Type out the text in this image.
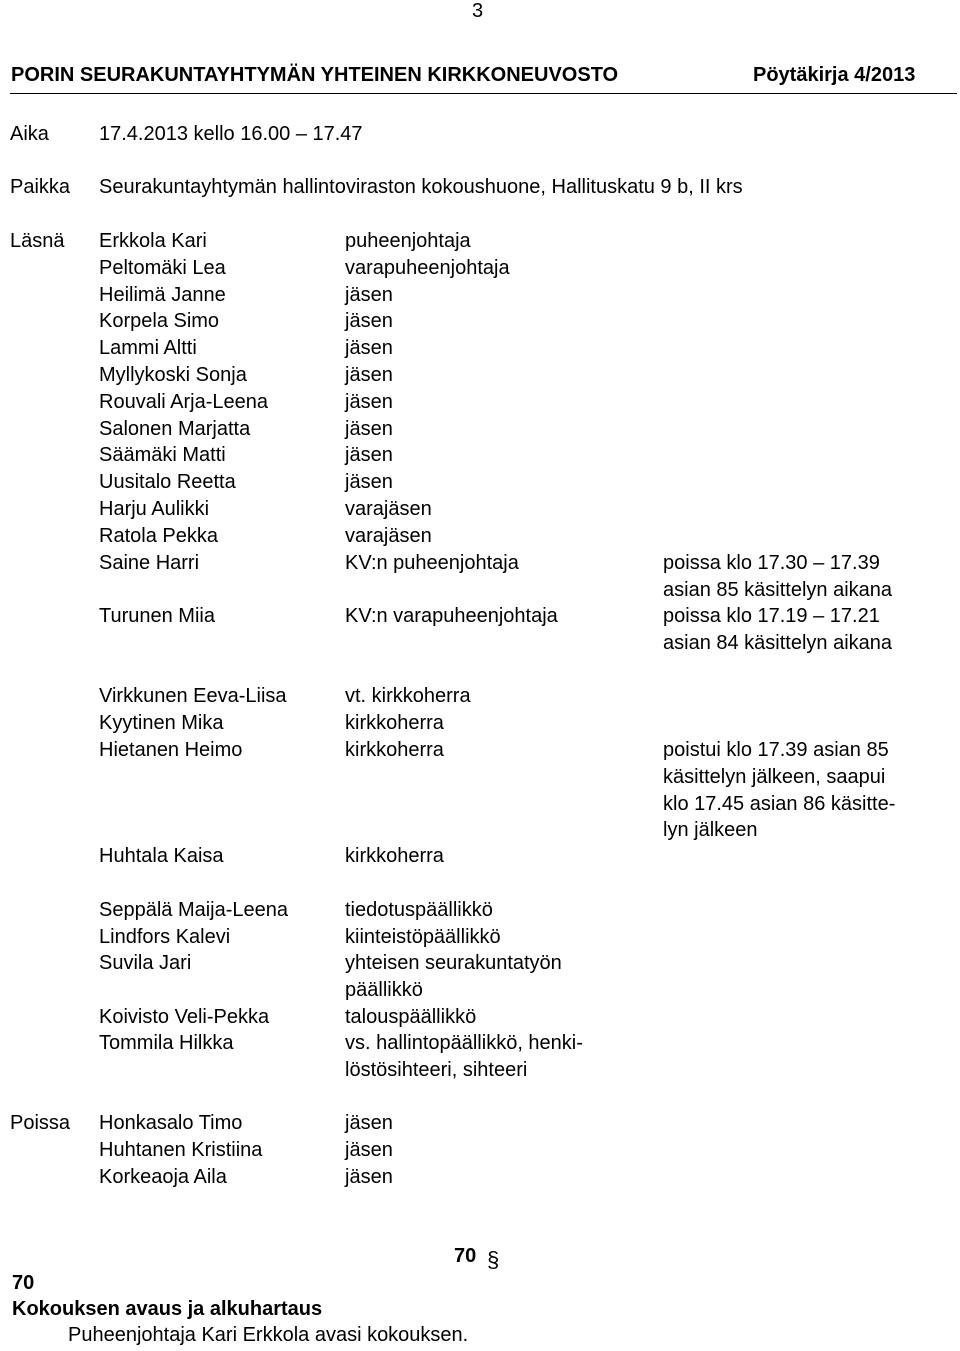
3
PORIN SEURAKUNTAYHTYMÄN YHTEINEN KIRKKONEUVOSTO	Pöytäkirja 4/2013
Aika	17.4.2013 kello 16.00 – 17.47
Paikka Seurakuntayhtymän hallintoviraston kokoushuone, Hallituskatu 9 b, II krs
Läsnä Erkkola Kari	puheenjohtaja
Peltomäki Lea	varapuheenjohtaja
Heilimä Janne	jäsen
Korpela Simo	jäsen
Lammi Altti	jäsen
Myllykoski Sonja	jäsen
Rouvali Arja-Leena	jäsen
Salonen Marjatta	jäsen
Säämäki Matti	jäsen
Uusitalo Reetta	jäsen
Harju Aulikki	varajäsen
Ratola Pekka	varajäsen
Saine Harri	KV:n puheenjohtaja	poissa klo 17.30 – 17.39
asian 85 käsittelyn aikana
Turunen Miia	KV:n varapuheenjohtaja	poissa klo 17.19 – 17.21
asian 84 käsittelyn aikana
Virkkunen Eeva-Liisa	vt. kirkkoherra
Kyytinen Mika	kirkkoherra
Hietanen Heimo	kirkkoherra	poistui klo 17.39 asian 85
käsittelyn jälkeen, saapui
klo 17.45 asian 86 käsitte-
lyn jälkeen
Huhtala Kaisa	kirkkoherra
Seppälä Maija-Leena	tiedotuspäällikkö
Lindfors Kalevi	kiinteistöpäällikkö
Suvila Jari	yhteisen seurakuntatyön
päällikkö
Koivisto Veli-Pekka	talouspäällikkö
Tommila Hilkka	vs. hallintopäällikkö, henki-
löstösihteeri, sihteeri
Poissa Honkasalo Timo	jäsen
Huhtanen Kristiina	jäsen
Korkeaoja Aila	jäsen
70 §
70
Kokouksen avaus ja alkuhartaus
Puheenjohtaja Kari Erkkola avasi kokouksen.
